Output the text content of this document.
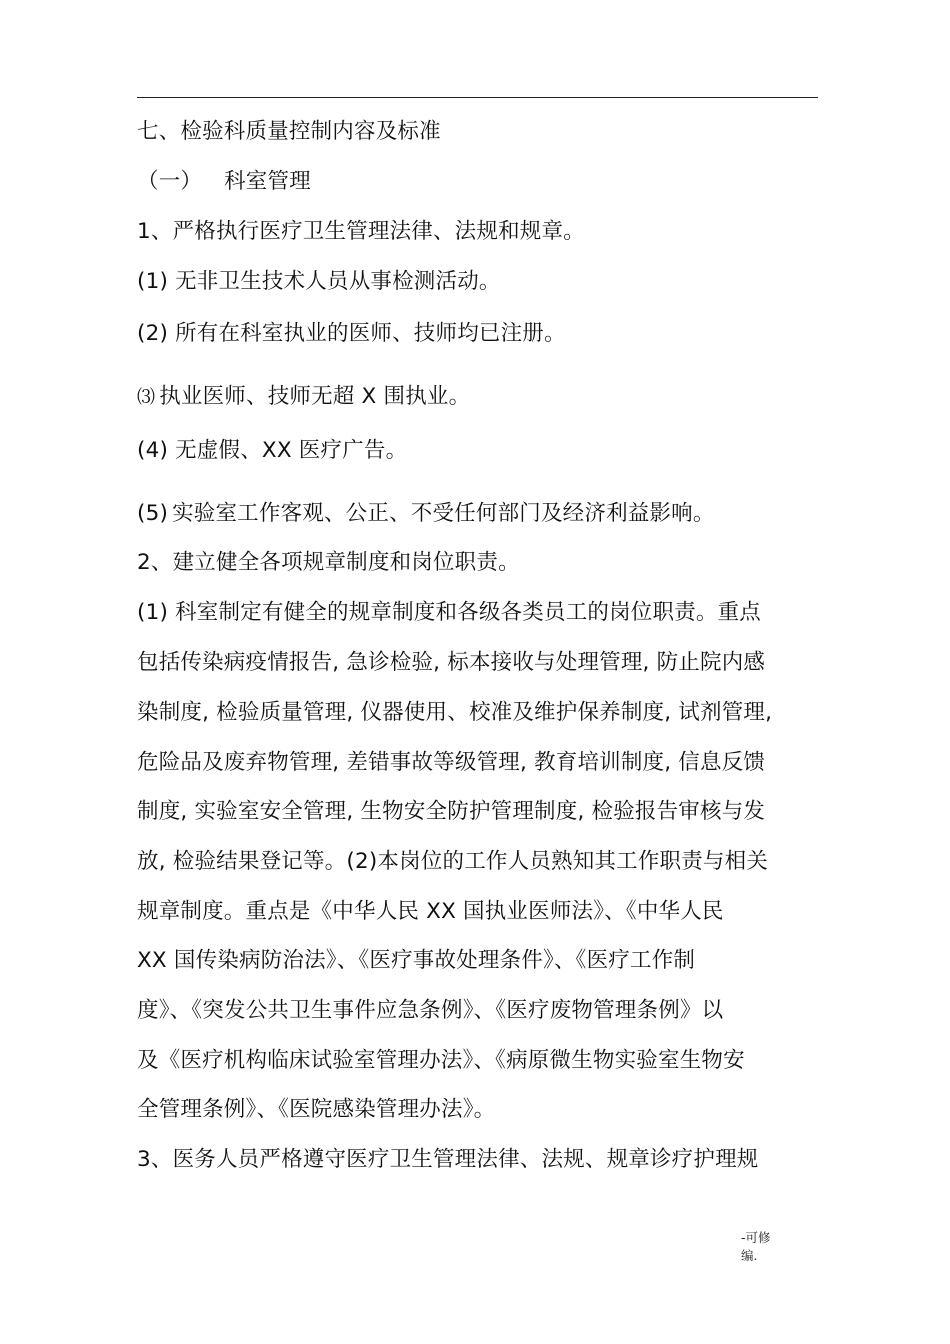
七、检验科质量控制内容及标准
（一） 科室管理
1、严格执行医疗卫生管理法律、法规和规章。
(1) 无非卫生技术人员从事检测活动。
(2) 所有在科室执业的医师、技师均已注册。
⑶ 执业医师、技师无超 X 围执业。
(4) 无虚假、XX 医疗广告。
(5) 实验室工作客观、公正、不受任何部门及经济利益影响。
2、建立健全各项规章制度和岗位职责。
(1) 科室制定有健全的规章制度和各级各类员工的岗位职责。重点
包括传染病疫情报告, 急诊检验, 标本接收与处理管理, 防止院内感
染制度, 检验质量管理, 仪器使用、校准及维护保养制度, 试剂管理,
危险品及废弃物管理, 差错事故等级管理, 教育培训制度, 信息反馈
制度, 实验室安全管理, 生物安全防护管理制度, 检验报告审核与发
放, 检验结果登记等。(2)本岗位的工作人员熟知其工作职责与相关
规章制度。重点是《中华人民 XX 国执业医师法》、《中华人民
XX 国传染病防治法》、《医疗事故处理条件》、《医疗工作制
度》、《突发公共卫生事件应急条例》、《医疗废物管理条例》以
及《医疗机构临床试验室管理办法》、《病原微生物实验室生物安
全管理条例》、《医院感染管理办法》。
3、医务人员严格遵守医疗卫生管理法律、法规、规章诊疗护理规
-可修
编.
